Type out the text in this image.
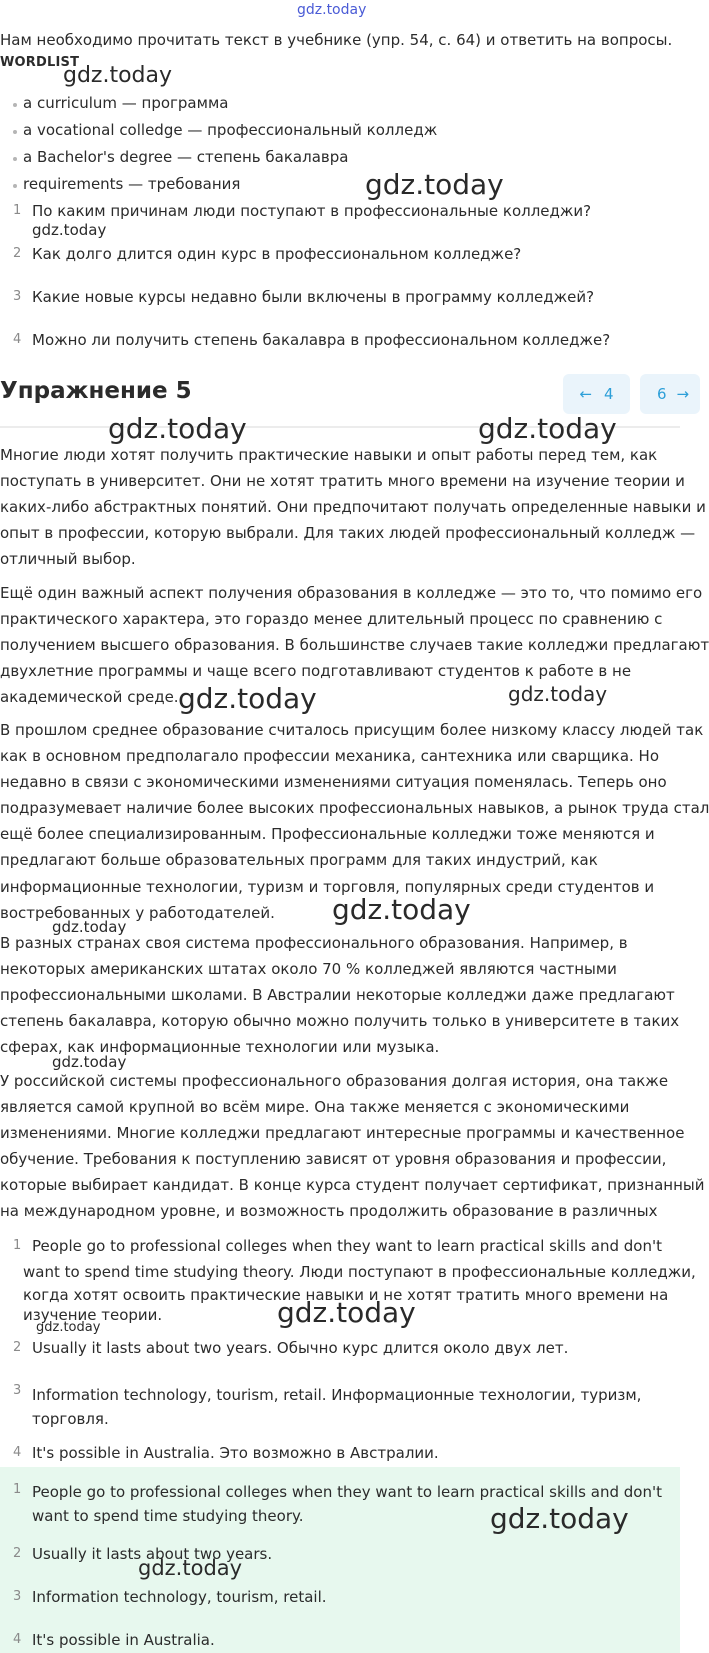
gdz.today
Нам необходимо прочитать текст в учебнике (упр. 54, с. 64) и ответить на вопросы.
WORDLIST
gdz.today
a curriculum — программа
a vocational colledge — профессиональный колледж
a Bachelor's degree — степень бакалавра
requirements — требования	gdz.today
1 По каким причинам люди поступают в профессиональные колледжи?
gdz.today
2 Как долго длится один курс в профессиональном колледже?
3 Какие новые курсы недавно были включены в программу колледжей?
4 Можно ли получить степень бакалавра в профессиональном колледже?
Упражнение 5	← 4	6 →
gdz.today	gdz.today
Многие люди хотят получить практические навыки и опыт работы перед тем, как
поступать в университет. Они не хотят тратить много времени на изучение теории и
каких-либо абстрактных понятий. Они предпочитают получать определенные навыки и
опыт в профессии, которую выбрали. Для таких людей профессиональный колледж —
отличный выбор.
Ещё один важный аспект получения образования в колледже — это то, что помимо его
практического характера, это гораздо менее длительный процесс по сравнению с
получением высшего образования. В большинстве случаев такие колледжи предлагают
двухлетние программы и чаще всего подготавливают студентов к работе в не
академической среде. gdz.today	gdz.today
В прошлом среднее образование считалось присущим более низкому классу людей так
как в основном предполагало профессии механика, сантехника или сварщика. Но
недавно в связи с экономическими изменениями ситуация поменялась. Теперь оно
подразумевает наличие более высоких профессиональных навыков, а рынок труда стал
ещё более специализированным. Профессиональные колледжи тоже меняются и
предлагают больше образовательных программ для таких индустрий, как
информационные технологии, туризм и торговля, популярных среди студентов и
востребованных у работодателей.	gdz.today
gdz.today
В разных странах своя система профессионального образования. Например, в
некоторых американских штатах около 70 % колледжей являются частными
профессиональными школами. В Австралии некоторые колледжи даже предлагают
степень бакалавра, которую обычно можно получить только в университете в таких
сферах, как информационные технологии или музыка.
gdz.today
У российской системы профессионального образования долгая история, она также
является самой крупной во всём мире. Она также меняется с экономическими
изменениями. Многие колледжи предлагают интересные программы и качественное
обучение. Требования к поступлению зависят от уровня образования и профессии,
которые выбирает кандидат. В конце курса студент получает сертификат, признанный
на международном уровне, и возможность продолжить образование в различных
1 People go to professional colleges when they want to learn practical skills and don't
want to spend time studying theory. Люди поступают в профессиональные колледжи,
когда хотят освоить практические навыки и не хотят тратить много времени на
изучение теории.
gdz.today	gdz.today
2 Usually it lasts about two years. Обычно курс длится около двух лет.
3 Information technology, tourism, retail. Информационные технологии, туризм,
торговля.
4 It's possible in Australia. Это возможно в Австралии.
1 People go to professional colleges when they want to learn practical skills and don't
want to spend time studying theory.	gdz.today
2 Usually it lasts about two years.
gdz.today
3 Information technology, tourism, retail.
4 It's possible in Australia.
